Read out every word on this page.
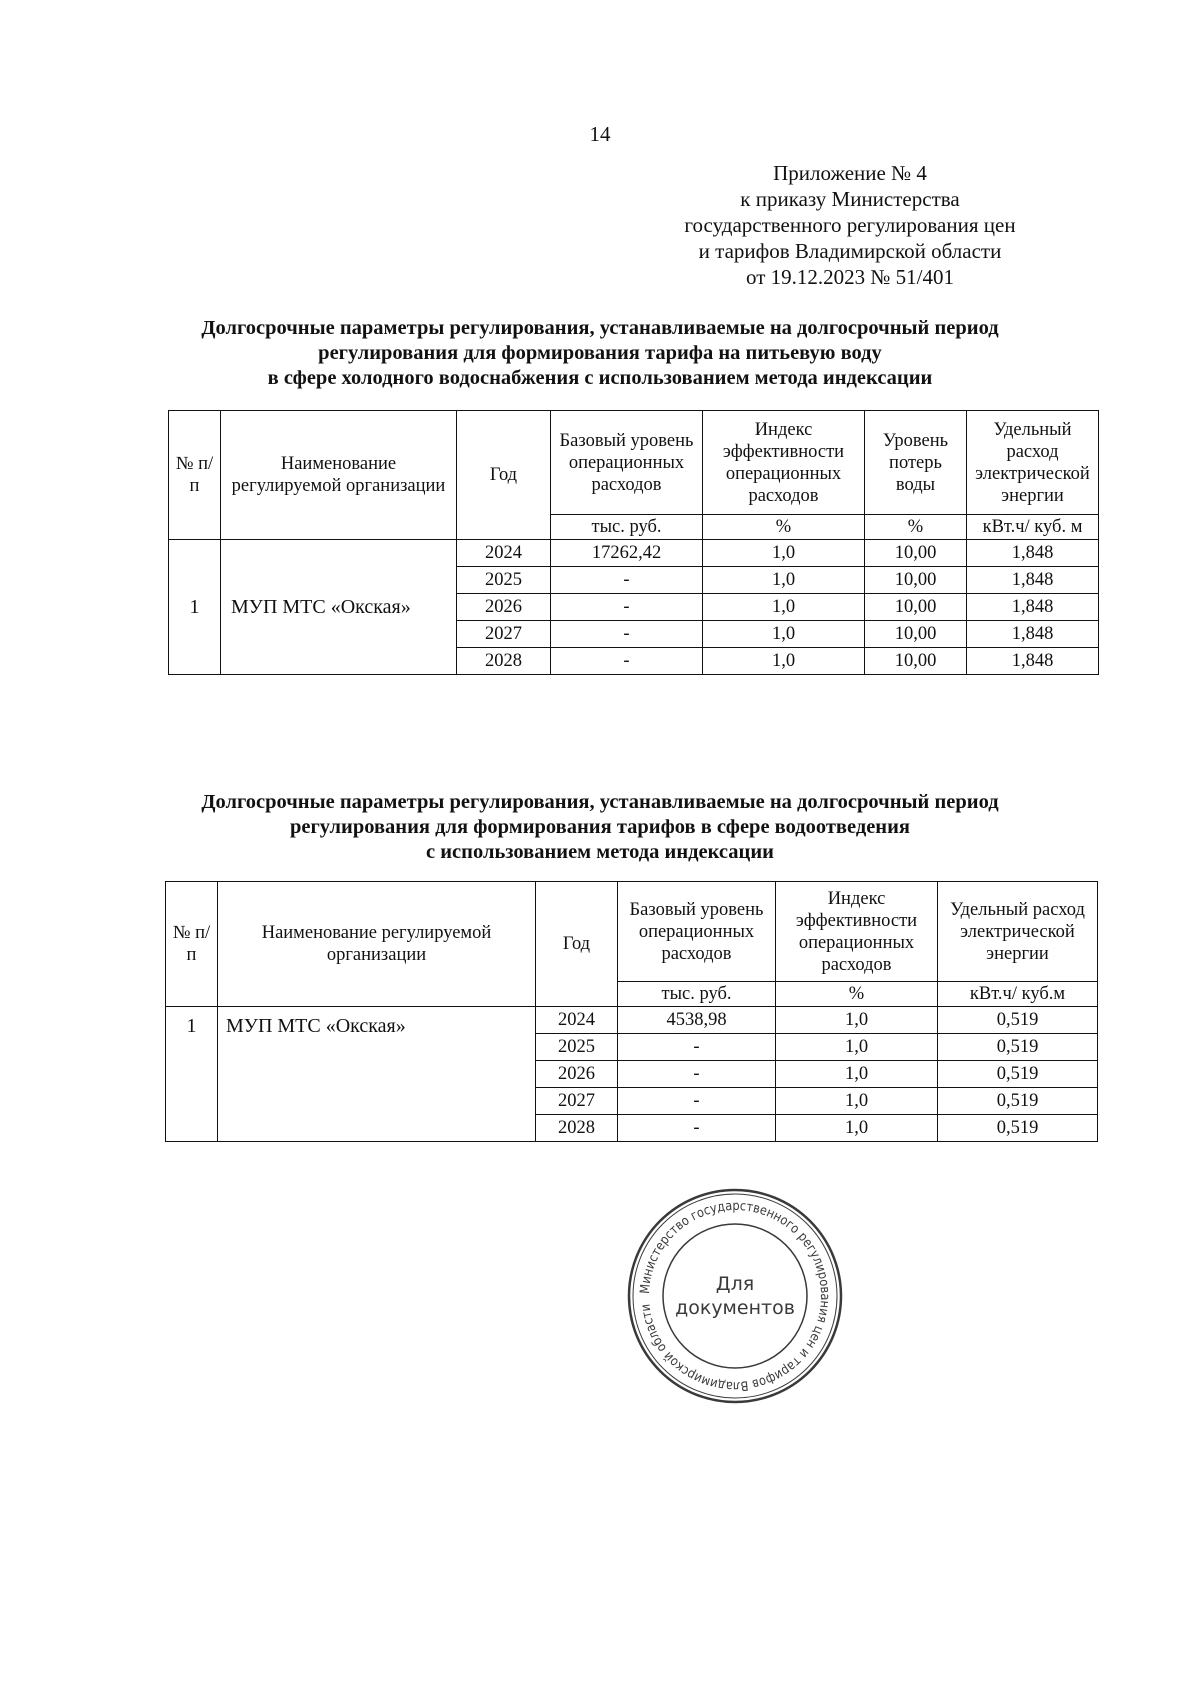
14
Приложение № 4
к приказу Министерства
государственного регулирования цен
и тарифов Владимирской области
от 19.12.2023 № 51/401
Долгосрочные параметры регулирования, устанавливаемые на долгосрочный период
регулирования для формирования тарифа на питьевую воду
в сфере холодного водоснабжения с использованием метода индексации
№ п/п	Наименование регулируемой организации	Год	Базовый уровень операционных расходов	Индекс эффективности операционных расходов	Уровень потерь воды	Удельный расход электрической энергии
			тыс. руб.	%	%	кВт.ч/ куб. м
1	МУП МТС «Окская»	2024	17262,42	1,0	10,00	1,848
		2025	-	1,0	10,00	1,848
		2026	-	1,0	10,00	1,848
		2027	-	1,0	10,00	1,848
		2028	-	1,0	10,00	1,848
Долгосрочные параметры регулирования, устанавливаемые на долгосрочный период
регулирования для формирования тарифов в сфере водоотведения
с использованием метода индексации
№ п/п	Наименование регулируемой организации	Год	Базовый уровень операционных расходов	Индекс эффективности операционных расходов	Удельный расход электрической энергии
			тыс. руб.	%	кВт.ч/ куб.м
1	МУП МТС «Окская»	2024	4538,98	1,0	0,519
		2025	-	1,0	0,519
		2026	-	1,0	0,519
		2027	-	1,0	0,519
		2028	-	1,0	0,519
Министерство государственного регулирования цен и тарифов Владимирской области
Для
документов
